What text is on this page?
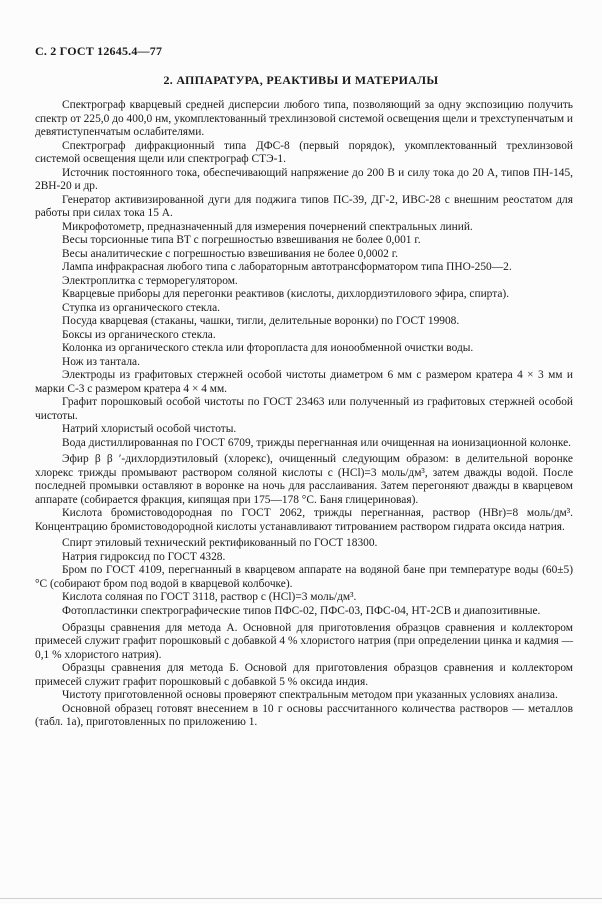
С. 2 ГОСТ 12645.4—77
2. АППАРАТУРА, РЕАКТИВЫ И МАТЕРИАЛЫ

Спектрограф кварцевый средней дисперсии любого типа, позволяющий за одну экспозицию получить спектр от 225,0 до 400,0 нм, укомплектованный трехлинзовой системой освещения щели и трехступенчатым и девятиступенчатым ослабителями.

Спектрограф дифракционный типа ДФС-8 (первый порядок), укомплектованный трехлинзовой системой освещения щели или спектрограф СТЭ-1.

Источник постоянного тока, обеспечивающий напряжение до 200 В и силу тока до 20 А, типов ПН-145, 2ВН-20 и др.

Генератор активизированной дуги для поджига типов ПС-39, ДГ-2, ИВС-28 с внешним реостатом для работы при силах тока 15 А.

Микрофотометр, предназначенный для измерения почернений спектральных линий.

Весы торсионные типа ВТ с погрешностью взвешивания не более 0,001 г.

Весы аналитические с погрешностью взвешивания не более 0,0002 г.

Лампа инфракрасная любого типа с лабораторным автотрансформатором типа ПНО-250—2.

Электроплитка с терморегулятором.

Кварцевые приборы для перегонки реактивов (кислоты, дихлордиэтилового эфира, спирта).

Ступка из органического стекла.

Посуда кварцевая (стаканы, чашки, тигли, делительные воронки) по ГОСТ 19908.

Боксы из органического стекла.

Колонка из органического стекла или фторопласта для ионообменной очистки воды.

Нож из тантала.

Электроды из графитовых стержней особой чистоты диаметром 6 мм с размером кратера 4 × 3 мм и марки С-3 с размером кратера 4 × 4 мм.

Графит порошковый особой чистоты по ГОСТ 23463 или полученный из графитовых стержней особой чистоты.

Натрий хлористый особой чистоты.

Вода дистиллированная по ГОСТ 6709, трижды перегнанная или очищенная на ионизационной колонке.

Эфир β β ′-дихлордиэтиловый (хлорекс), очищенный следующим образом: в делительной воронке хлорекс трижды промывают раствором соляной кислоты с (HCl)=3 моль/дм³, затем дважды водой. После последней промывки оставляют в воронке на ночь для расслаивания. Затем перегоняют дважды в кварцевом аппарате (собирается фракция, кипящая при 175—178 °С. Баня глицериновая).

Кислота бромистоводородная по ГОСТ 2062, трижды перегнанная, раствор (HBr)=8 моль/дм³. Концентрацию бромистоводородной кислоты устанавливают титрованием раствором гидрата оксида натрия.

Спирт этиловый технический ректификованный по ГОСТ 18300.

Натрия гидроксид по ГОСТ 4328.

Бром по ГОСТ 4109, перегнанный в кварцевом аппарате на водяной бане при температуре воды (60±5) °С (собирают бром под водой в кварцевой колбочке).

Кислота соляная по ГОСТ 3118, раствор с (HCl)=3 моль/дм³.

Фотопластинки спектрографические типов ПФС-02, ПФС-03, ПФС-04, НТ-2СВ и диапозитивные.

Образцы сравнения для метода А. Основной для приготовления образцов сравнения и коллектором примесей служит графит порошковый с добавкой 4 % хлористого натрия (при определении цинка и кадмия — 0,1 % хлористого натрия).

Образцы сравнения для метода Б. Основой для приготовления образцов сравнения и коллектором примесей служит графит порошковый с добавкой 5 % оксида индия.

Чистоту приготовленной основы проверяют спектральным методом при указанных условиях анализа.

Основной образец готовят внесением в 10 г основы рассчитанного количества растворов — металлов (табл. 1а), приготовленных по приложению 1.
